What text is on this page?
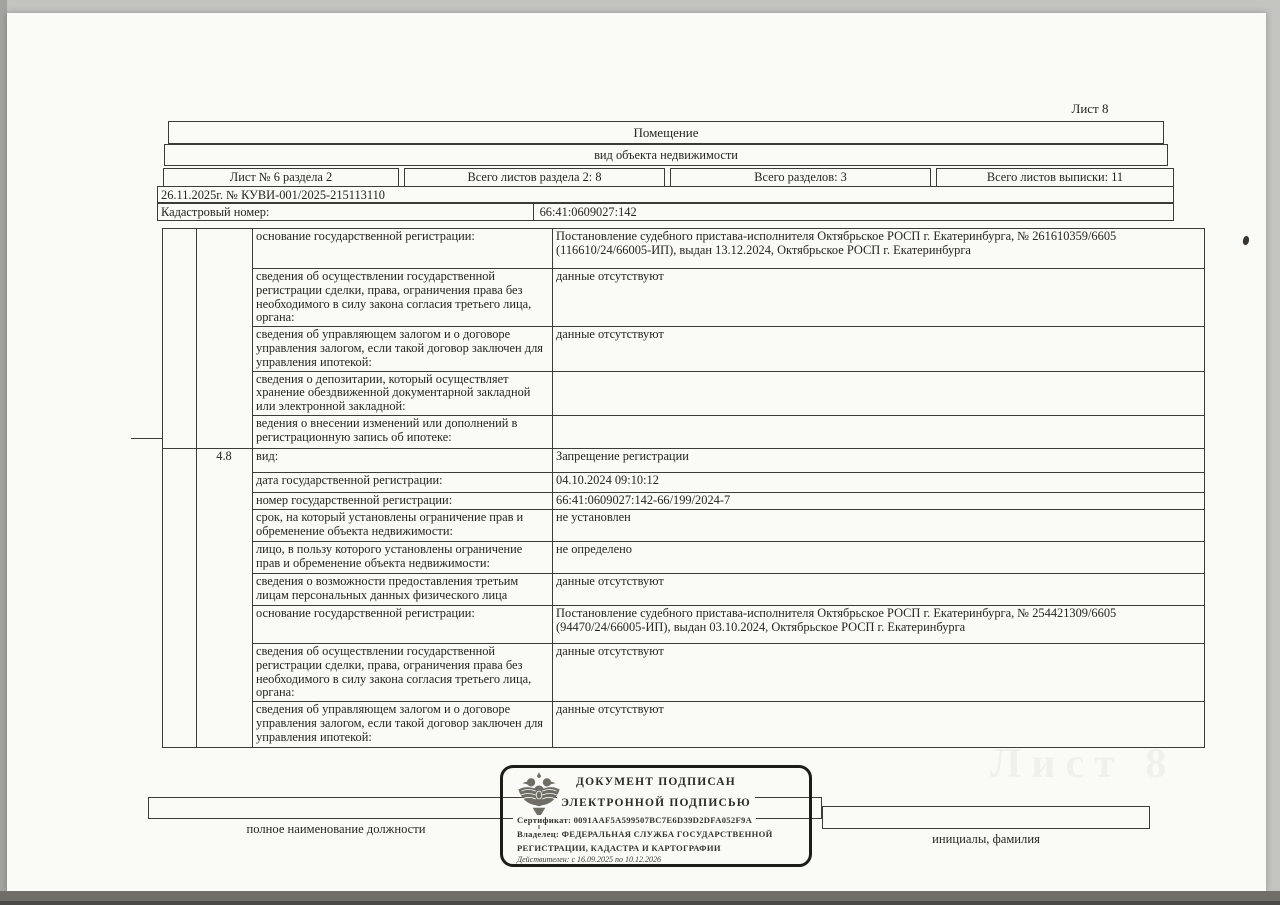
Лист 8
Лист 8
Помещение
вид объекта недвижимости
Лист № 6 раздела 2	Всего листов раздела 2: 8	Всего разделов: 3	Всего листов выписки: 11
26.11.2025г. № КУВИ-001/2025-215113110
Кадастровый номер:	66:41:0609027:142
		основание государственной регистрации:	Постановление судебного пристава-исполнителя Октябрьское РОСП г. Екатеринбурга, № 261610359/6605 (116610/24/66005-ИП), выдан 13.12.2024, Октябрьское РОСП г. Екатеринбурга
		сведения об осуществлении государственной регистрации сделки, права, ограничения права без необходимого в силу закона согласия третьего лица, органа:	данные отсутствуют
		сведения об управляющем залогом и о договоре управления залогом, если такой договор заключен для управления ипотекой:	данные отсутствуют
		сведения о депозитарии, который осуществляет хранение обездвиженной документарной закладной или электронной закладной:	
		ведения о внесении изменений или дополнений в регистрационную запись об ипотеке:	
	4.8	вид:	Запрещение регистрации
		дата государственной регистрации:	04.10.2024 09:10:12
		номер государственной регистрации:	66:41:0609027:142-66/199/2024-7
		срок, на который установлены ограничение прав и обременение объекта недвижимости:	не установлен
		лицо, в пользу которого установлены ограничение прав и обременение объекта недвижимости:	не определено
		сведения о возможности предоставления третьим лицам персональных данных физического лица	данные отсутствуют
		основание государственной регистрации:	Постановление судебного пристава-исполнителя Октябрьское РОСП г. Екатеринбурга, № 254421309/6605 (94470/24/66005-ИП), выдан 03.10.2024, Октябрьское РОСП г. Екатеринбурга
		сведения об осуществлении государственной регистрации сделки, права, ограничения права без необходимого в силу закона согласия третьего лица, органа:	данные отсутствуют
		сведения об управляющем залогом и о договоре управления залогом, если такой договор заключен для управления ипотекой:	данные отсутствуют
полное наименование должности
инициалы, фамилия
ДОКУМЕНТ ПОДПИСАН
ЭЛЕКТРОННОЙ ПОДПИСЬЮ
Сертификат: 0091AAF5A599507BC7E6D39D2DFA052F9A
Владелец: ФЕДЕРАЛЬНАЯ СЛУЖБА ГОСУДАРСТВЕННОЙ
РЕГИСТРАЦИИ, КАДАСТРА И КАРТОГРАФИИ
Действителен: с 16.09.2025 по 10.12.2026
